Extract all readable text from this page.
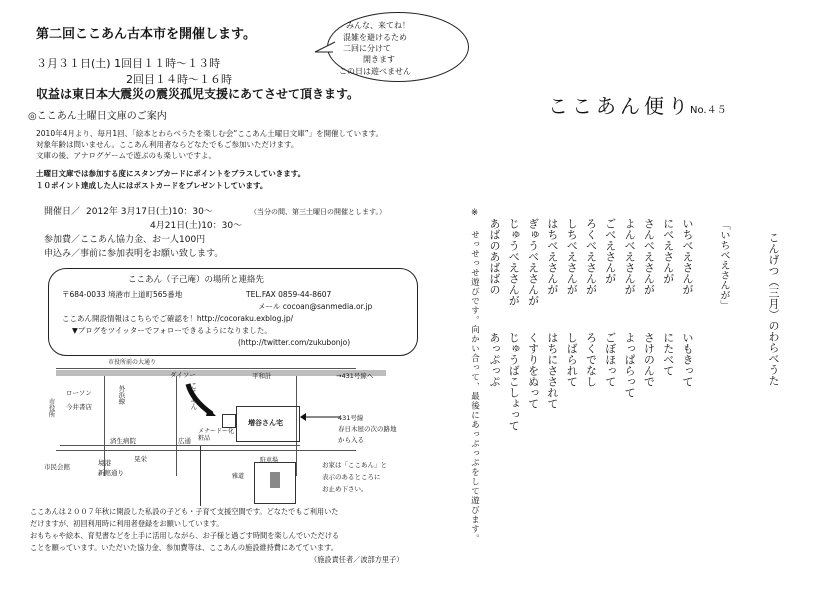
第二回ここあん古本市を開催します。
３月３１日(土) 1回目１１時〜１３時
2回目１４時〜１６時
収益は東日本大震災の震災孤児支援にあてさせて頂きます。
みんな、来てね！
混雑を避けるため
二回に分けて
開きます
この日は遊べません
◎ここあん土曜日文庫のご案内
2010年4月より、毎月1回、「絵本とわらべうたを楽しむ会“ここあん土曜日文庫”」を開催しています。
対象年齢は問いません。ここあん利用者ならどなたでもご参加いただけます。
文庫の後、アナログゲームで遊ぶのも楽しいですよ。
土曜日文庫では参加する度にスタンプカードにポイントをプラスしていきます。
１０ポイント達成した人にはポストカードをプレゼントしています。
開催日／ 2012年 3月17日(土)10：30〜	（当分の間、第三土曜日の開催とします。）
4月21日(土)10：30〜
参加費／ここあん協力金、お一人100円
申込み／事前に参加表明をお願い致します。
ここあん（子己庵）の場所と連絡先
〒684-0033 境港市上道町565番地	TEL.FAX 0859-44-8607
メール cocoan@sanmedia.or.jp
ここあん開設情報はこちらでご確認を！http://cocoraku.exblog.jp/
▼ブログをツイッターでフォローできるようになりました。
(http://twitter.com/zukubonjo)
市役所前の大通り
ダイソー	平和計	→431号線へ
ローソン
今井書店
外浜線
市役所
済生病院	広通
メナードー化粧品
増谷さん宅
431号線
春日木屋の次の路地
から入る
駐車場
お家は「ここあん」と
表示のあるところに
お止め下さい。
市民会館	境港
新館通り
晃栄
雅道
ここあん
ここあんは２００７年秋に開設した私設の子ども・子育て支援空間です。どなたでもご利用いた
だけますが、初回利用時に利用者登録をお願いしています。
おもちゃや絵本、育児書などを上手に活用しながら、お子様と過ごす時間を楽しんでいただける
ことを願っています。いただいた協力金、参加費等は、ここあんの施設維持費にあてています。
（施設責任者／波部方里子）
ここあん便り
No.４５
こんげつ（三月）のわらべうた
「いちべえさんが」
いちべえさんが
いもきって
にべえさんが
にたべて
さんべえさんが
さけのんで
よんべえさんが
よっぱらって
ごべえさんが
ごぼほって
ろくべえさんが
ろくでなし
しちべえさんが
しばられて
はちべえさんが
はちにさされて
ぎゅうべえさんが
くすりをぬって
じゅうべえさんが
じゅうばこしょって
あばのあばばの
あっぷっぷ
※ せっせっせ遊びです。向かい合って、最後にあっぷっぷをして遊びます。
